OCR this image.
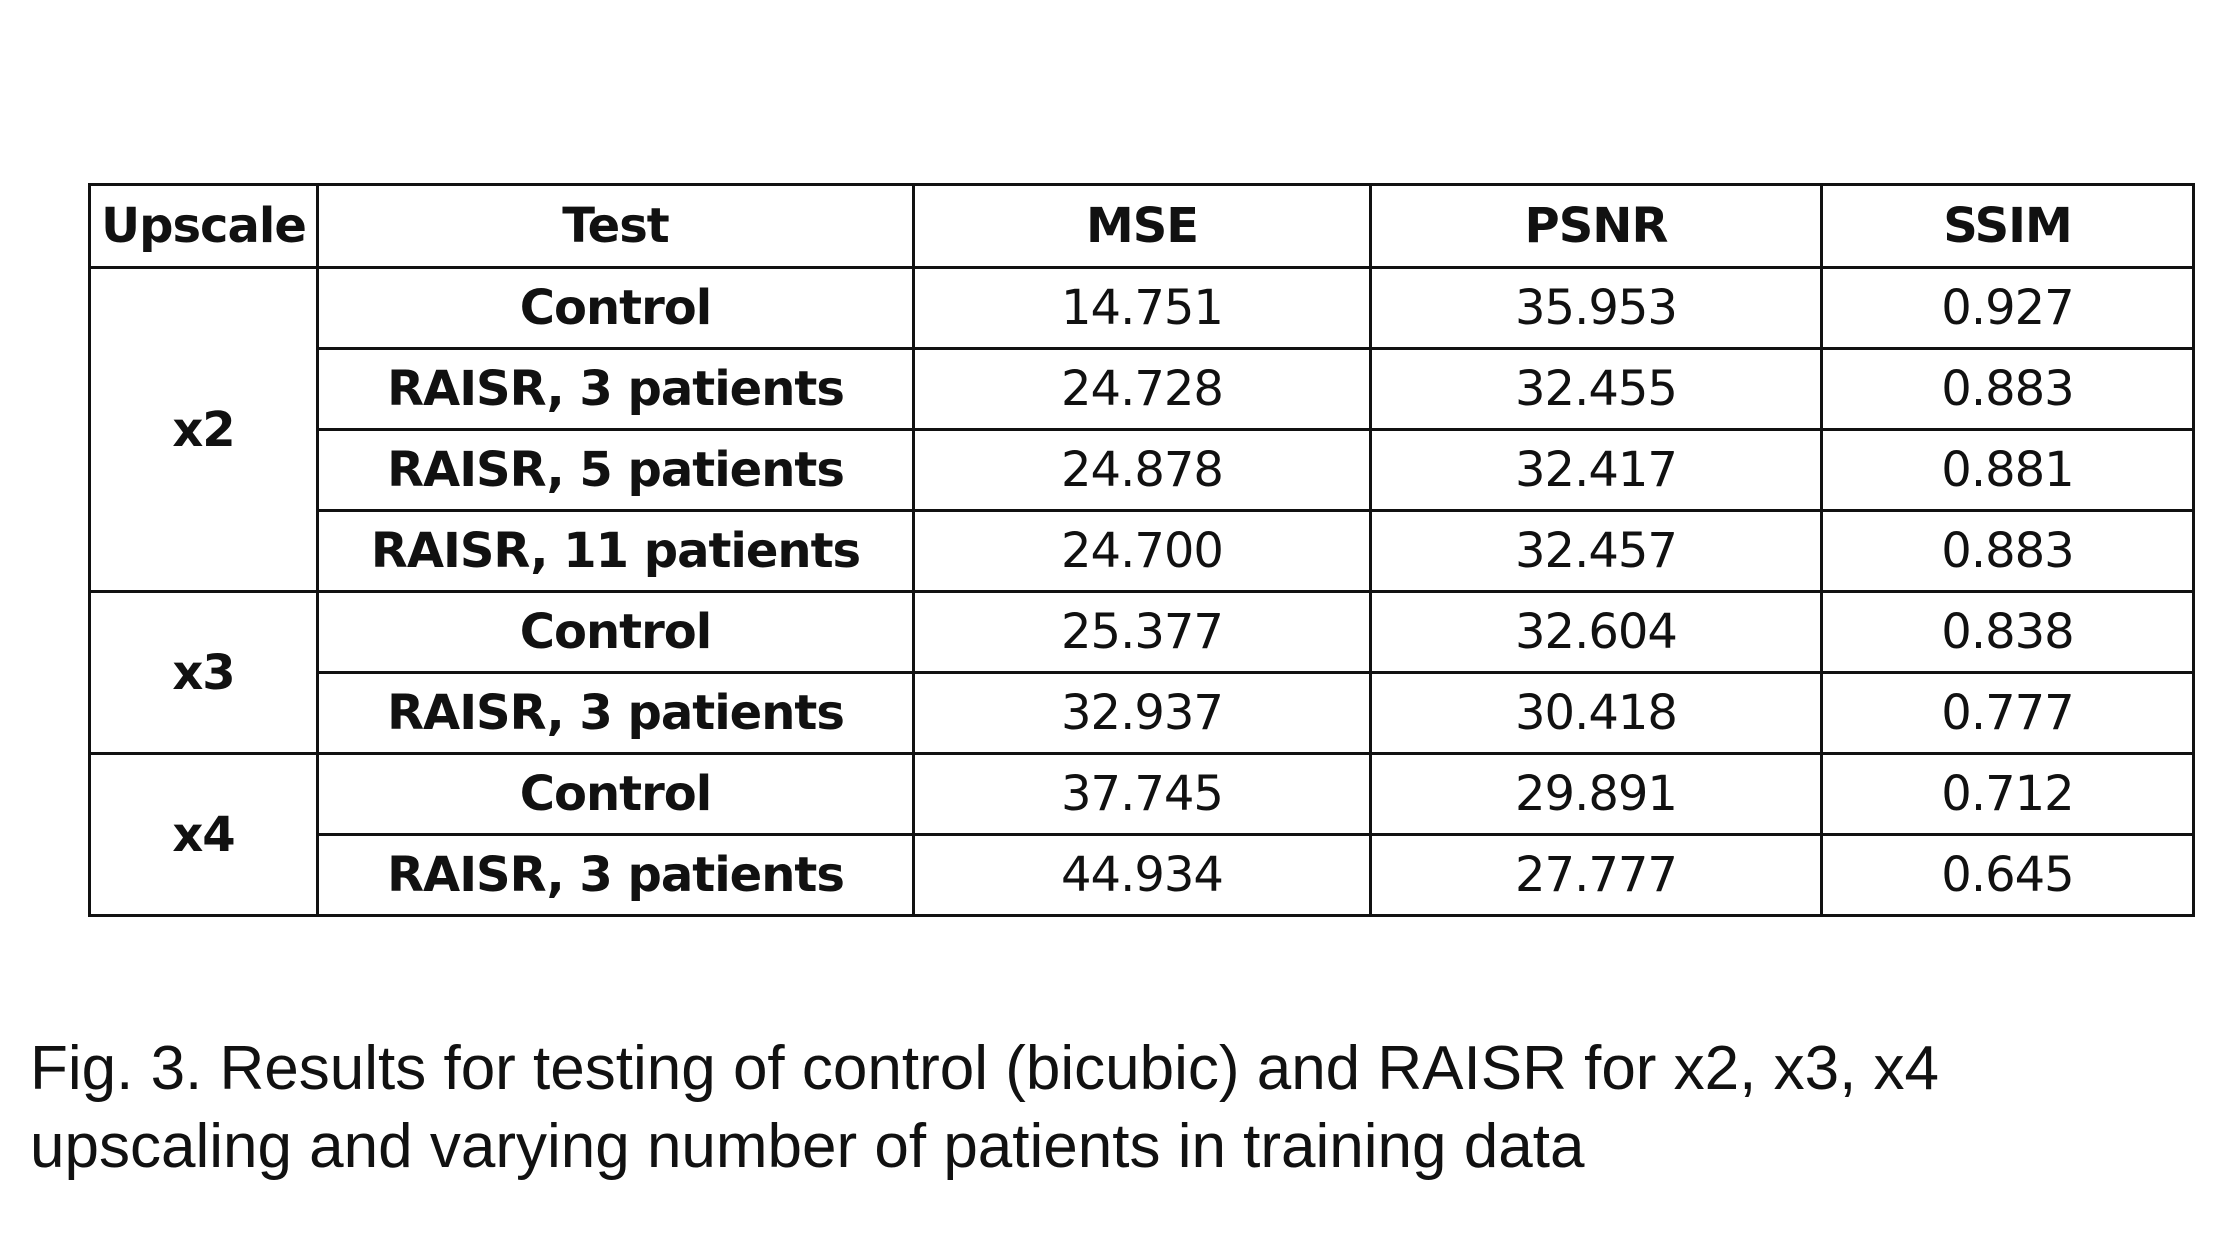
Upscale	Test	MSE	PSNR	SSIM
x2	Control	14.751	35.953	0.927
	RAISR, 3 patients	24.728	32.455	0.883
	RAISR, 5 patients	24.878	32.417	0.881
	RAISR, 11 patients	24.700	32.457	0.883
x3	Control	25.377	32.604	0.838
	RAISR, 3 patients	32.937	30.418	0.777
x4	Control	37.745	29.891	0.712
	RAISR, 3 patients	44.934	27.777	0.645

Fig. 3. Results for testing of control (bicubic) and RAISR for x2, x3, x4
upscaling and varying number of patients in training data
